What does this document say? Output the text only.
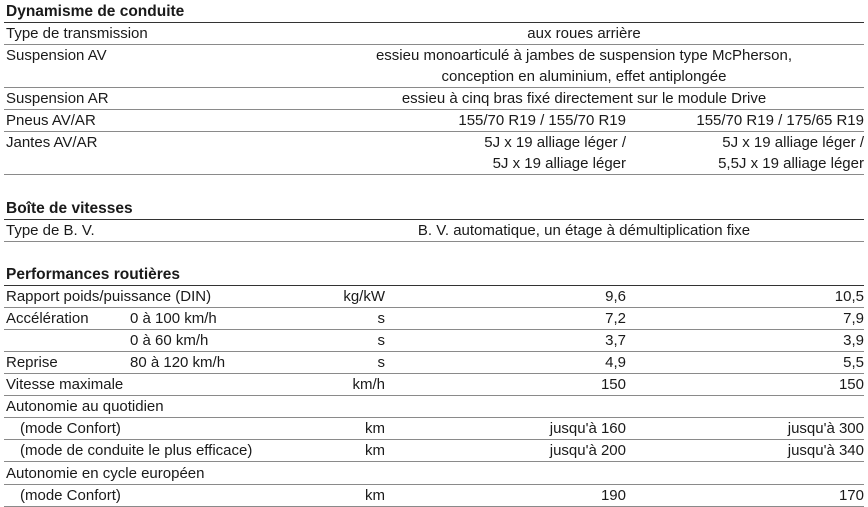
Dynamisme de conduite
Type de transmission	aux roues arrière
Suspension AV	essieu monoarticulé à jambes de suspension type McPherson,
conception en aluminium, effet antiplongée
Suspension AR	essieu à cinq bras fixé directement sur le module Drive
Pneus AV/AR	155/70 R19 / 155/70 R19	155/70 R19 / 175/65 R19
Jantes AV/AR	5J x 19 alliage léger /	5J x 19 alliage léger /
5J x 19 alliage léger	5,5J x 19 alliage léger
Boîte de vitesses
Type de B. V.	B. V. automatique, un étage à démultiplication fixe
Performances routières
Rapport poids/puissance (DIN)	kg/kW	9,6	10,5
Accélération	0 à 100 km/h	s	7,2	7,9
0 à 60 km/h	s	3,7	3,9
Reprise	80 à 120 km/h	s	4,9	5,5
Vitesse maximale	km/h	150	150
Autonomie au quotidien
(mode Confort)	km	jusqu'à 160	jusqu'à 300
(mode de conduite le plus efficace)	km	jusqu'à 200	jusqu'à 340
Autonomie en cycle européen
(mode Confort)	km	190	170
